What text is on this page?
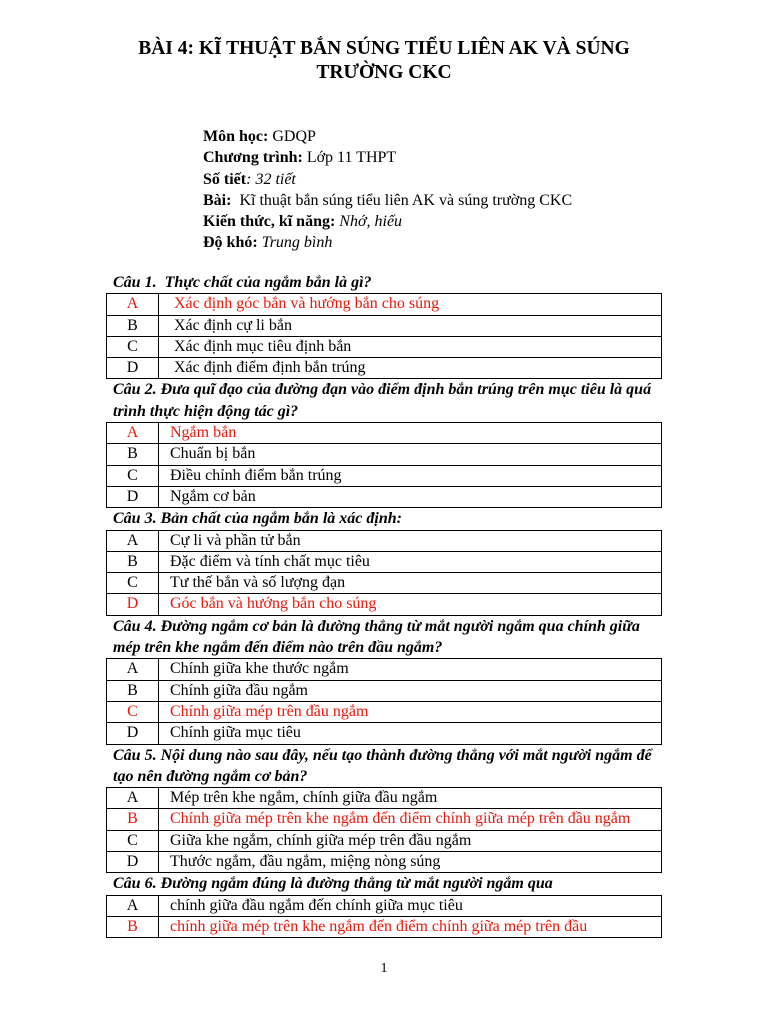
BÀI 4: KĨ THUẬT BẮN SÚNG TIỂU LIÊN AK VÀ SÚNG
TRƯỜNG CKC
Môn học: GDQP
Chương trình: Lớp 11 THPT
Số tiết: 32 tiết
Bài:  Kĩ thuật bắn súng tiểu liên AK và súng trường CKC
Kiến thức, kĩ năng: Nhớ, hiểu
Độ khó: Trung bình
Câu 1.  Thực chất của ngắm bắn là gì?
A	Xác định góc bắn và hướng bắn cho súng
B	Xác định cự li bắn
C	Xác định mục tiêu định bắn
D	Xác định điểm định bắn trúng
Câu 2. Đưa quĩ đạo của đường đạn vào điểm định bắn trúng trên mục tiêu là quá trình thực hiện động tác gì?
A	Ngắm bắn
B	Chuẩn bị bắn
C	Điều chỉnh điểm bắn trúng
D	Ngắm cơ bản
Câu 3. Bản chất của ngắm bắn là xác định:
A	Cự li và phần tử bắn
B	Đặc điểm và tính chất mục tiêu
C	Tư thế bắn và số lượng đạn
D	Góc bắn và hướng bắn cho súng
Câu 4. Đường ngắm cơ bản là đường thẳng từ mắt người ngắm qua chính giữa mép trên khe ngắm đến điểm nào trên đầu ngắm?
A	Chính giữa khe thước ngắm
B	Chính giữa đầu ngắm
C	Chính giữa mép trên đầu ngắm
D	Chính giữa mục tiêu
Câu 5. Nội dung nào sau đây, nếu tạo thành đường thẳng với mắt người ngắm để tạo nên đường ngắm cơ bản?
A	Mép trên khe ngắm, chính giữa đầu ngắm
B	Chính giữa mép trên khe ngắm đến điểm chính giữa mép trên đầu ngắm
C	Giữa khe ngắm, chính giữa mép trên đầu ngắm
D	Thước ngắm, đầu ngắm, miệng nòng súng
Câu 6. Đường ngắm đúng là đường thẳng từ mắt người ngắm qua
A	chính giữa đầu ngắm đến chính giữa mục tiêu
B	chính giữa mép trên khe ngắm đến điểm chính giữa mép trên đầu
1
